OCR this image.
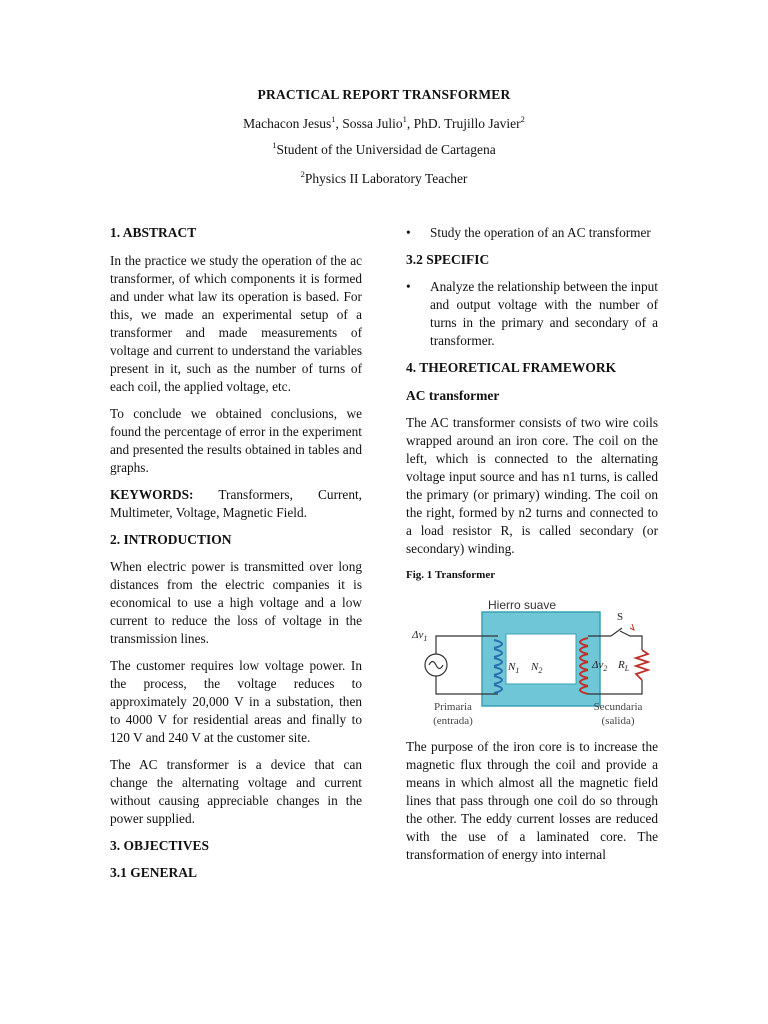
PRACTICAL REPORT TRANSFORMER
Machacon Jesus$^1$, Sossa Julio$^1$, PhD. Trujillo Javier$^2$
$^1$Student of the Universidad de Cartagena
$^2$Physics II Laboratory Teacher
1. ABSTRACT

In the practice we study the operation of the ac transformer, of which components it is formed and under what law its operation is based. For this, we made an experimental setup of a transformer and made measurements of voltage and current to understand the variables present in it, such as the number of turns of each coil, the applied voltage, etc.

To conclude we obtained conclusions, we found the percentage of error in the experiment and presented the results obtained in tables and graphs.

KEYWORDS: Transformers, Current, Multimeter, Voltage, Magnetic Field.

2. INTRODUCTION

When electric power is transmitted over long distances from the electric companies it is economical to use a high voltage and a low current to reduce the loss of voltage in the transmission lines.

The customer requires low voltage power. In the process, the voltage reduces to approximately 20,000 V in a substation, then to 4000 V for residential areas and finally to 120 V and 240 V at the customer site.

The AC transformer is a device that can change the alternating voltage and current without causing appreciable changes in the power supplied.

3. OBJECTIVES
3.1 GENERAL
• Study the operation of an AC transformer
3.2 SPECIFIC
• Analyze the relationship between the input and output voltage with the number of turns in the primary and secondary of a transformer.
4. THEORETICAL FRAMEWORK
AC transformer

The AC transformer consists of two wire coils wrapped around an iron core. The coil on the left, which is connected to the alternating voltage input source and has n1 turns, is called the primary (or primary) winding. The coil on the right, formed by n2 turns and connected to a load resistor R, is called secondary (or secondary) winding.

Fig. 1 Transformer
Hierro suave
S
$\Delta v_1$
$N_1$ $N_2$	$\Delta v_2$ $R_L$
Primaria
(entrada)
Secundaria
(salida)

The purpose of the iron core is to increase the magnetic flux through the coil and provide a means in which almost all the magnetic field lines that pass through one coil do so through the other. The eddy current losses are reduced with the use of a laminated core. The transformation of energy into internal
